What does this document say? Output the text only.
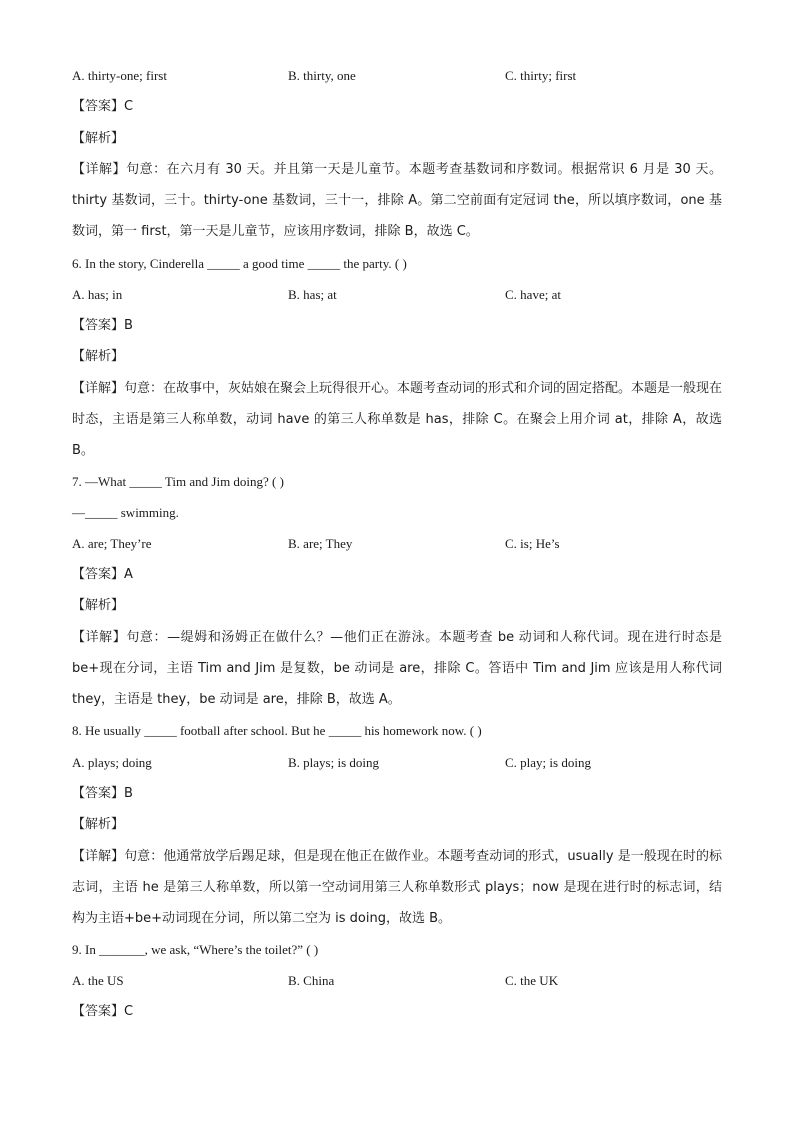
A. thirty-one; first	B. thirty, one	C. thirty; first
【答案】C
【解析】
【详解】句意：在六月有 30 天。并且第一天是儿童节。本题考查基数词和序数词。根据常识 6 月是 30 天。thirty 基数词，三十。thirty-one 基数词，三十一，排除 A。第二空前面有定冠词 the，所以填序数词，one 基数词，第一 first，第一天是儿童节，应该用序数词，排除 B，故选 C。
6. In the story, Cinderella _____ a good time _____ the party. ( )
A. has; in	B. has; at	C. have; at
【答案】B
【解析】
【详解】句意：在故事中，灰姑娘在聚会上玩得很开心。本题考查动词的形式和介词的固定搭配。本题是一般现在时态，主语是第三人称单数，动词 have 的第三人称单数是 has，排除 C。在聚会上用介词 at，排除 A，故选 B。
7. —What _____ Tim and Jim doing? ( )
—_____ swimming.
A. are; They’re	B. are; They	C. is; He’s
【答案】A
【解析】
【详解】句意：—缇姆和汤姆正在做什么？—他们正在游泳。本题考查 be 动词和人称代词。现在进行时态是 be+现在分词，主语 Tim and Jim 是复数，be 动词是 are，排除 C。答语中 Tim and Jim 应该是用人称代词 they，主语是 they，be 动词是 are，排除 B，故选 A。
8. He usually _____ football after school. But he _____ his homework now. ( )
A. plays; doing	B. plays; is doing	C. play; is doing
【答案】B
【解析】
【详解】句意：他通常放学后踢足球，但是现在他正在做作业。本题考查动词的形式，usually 是一般现在时的标志词，主语 he 是第三人称单数，所以第一空动词用第三人称单数形式 plays；now 是现在进行时的标志词，结构为主语+be+动词现在分词，所以第二空为 is doing，故选 B。
9. In _______, we ask, “Where’s the toilet?” ( )
A. the US	B. China	C. the UK
【答案】C
